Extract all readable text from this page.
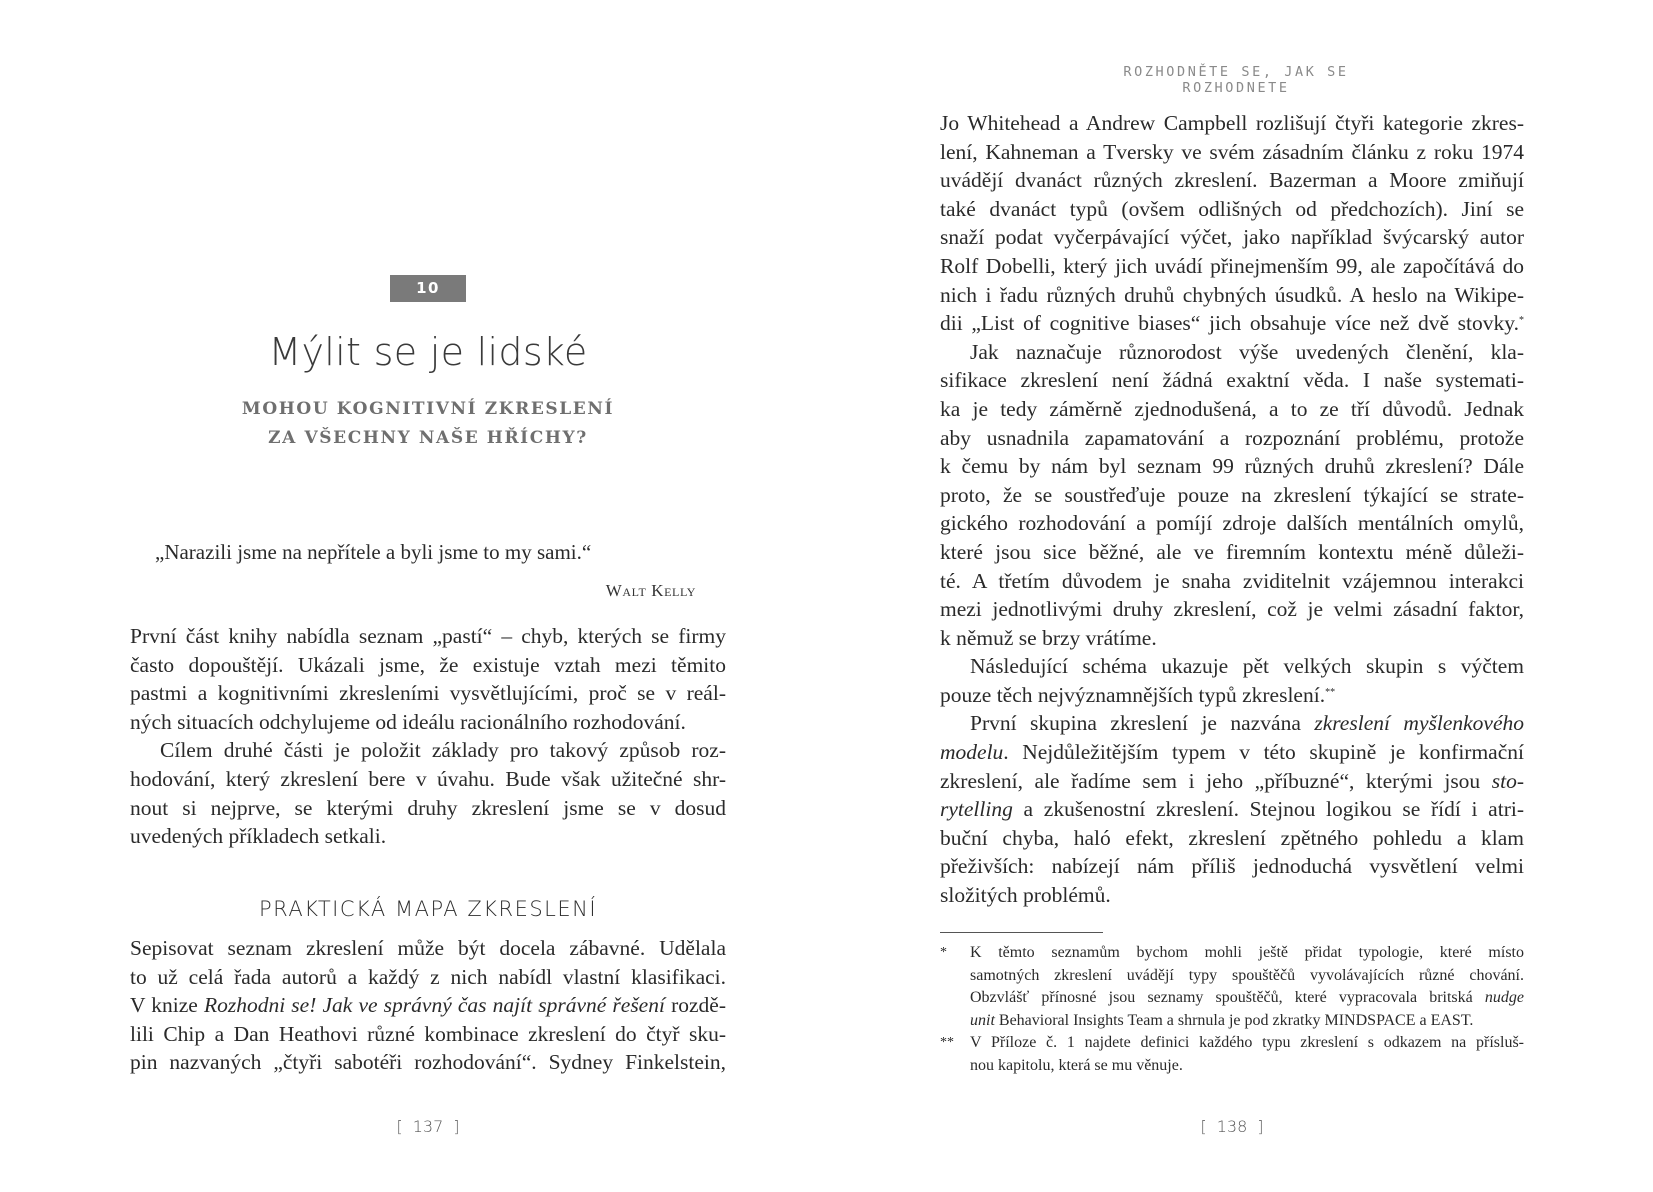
10
Mýlit se je lidské
MOHOU KOGNITIVNÍ ZKRESLENÍ
ZA VŠECHNY NAŠE HŘÍCHY?
„Narazili jsme na nepřítele a byli jsme to my sami.“
Walt Kelly

První část knihy nabídla seznam „pastí“ – chyb, kterých se firmy
často dopouštějí. Ukázali jsme, že existuje vztah mezi těmito
pastmi a kognitivními zkresleními vysvětlujícími, proč se v reál-
ných situacích odchylujeme od ideálu racionálního rozhodování.

Cílem druhé části je položit základy pro takový způsob roz-
hodování, který zkreslení bere v úvahu. Bude však užitečné shr-
nout si nejprve, se kterými druhy zkreslení jsme se v dosud
uvedených příkladech setkali.

PRAKTICKÁ MAPA ZKRESLENÍ

Sepisovat seznam zkreslení může být docela zábavné. Udělala
to už celá řada autorů a každý z nich nabídl vlastní klasifikaci.
V knize Rozhodni se! Jak ve správný čas najít správné řešení rozdě-
lili Chip a Dan Heathovi různé kombinace zkreslení do čtyř sku-
pin nazvaných „čtyři sabotéři rozhodování“. Sydney Finkelstein,

[ 137 ]
ROZHODNĚTE SE, JAK SE ROZHODNETE

Jo Whitehead a Andrew Campbell rozlišují čtyři kategorie zkres-
lení, Kahneman a Tversky ve svém zásadním článku z roku 1974
uvádějí dvanáct různých zkreslení. Bazerman a Moore zmiňují
také dvanáct typů (ovšem odlišných od předchozích). Jiní se
snaží podat vyčerpávající výčet, jako například švýcarský autor
Rolf Dobelli, který jich uvádí přinejmenším 99, ale započítává do
nich i řadu různých druhů chybných úsudků. A heslo na Wikipe-
dii „List of cognitive biases“ jich obsahuje více než dvě stovky.*

Jak naznačuje různorodost výše uvedených členění, kla-
sifikace zkreslení není žádná exaktní věda. I naše systemati-
ka je tedy záměrně zjednodušená, a to ze tří důvodů. Jednak
aby usnadnila zapamatování a rozpoznání problému, protože
k čemu by nám byl seznam 99 různých druhů zkreslení? Dále
proto, že se soustřeďuje pouze na zkreslení týkající se strate-
gického rozhodování a pomíjí zdroje dalších mentálních omylů,
které jsou sice běžné, ale ve firemním kontextu méně důleži-
té. A třetím důvodem je snaha zviditelnit vzájemnou interakci
mezi jednotlivými druhy zkreslení, což je velmi zásadní faktor,
k němuž se brzy vrátíme.

Následující schéma ukazuje pět velkých skupin s výčtem
pouze těch nejvýznamnějších typů zkreslení.**

První skupina zkreslení je nazvána zkreslení myšlenkového
modelu. Nejdůležitějším typem v této skupině je konfirmační
zkreslení, ale řadíme sem i jeho „příbuzné“, kterými jsou sto-
rytelling a zkušenostní zkreslení. Stejnou logikou se řídí i atri-
buční chyba, haló efekt, zkreslení zpětného pohledu a klam
přeživších: nabízejí nám příliš jednoduchá vysvětlení velmi
složitých problémů.

* K těmto seznamům bychom mohli ještě přidat typologie, které místo
samotných zkreslení uvádějí typy spouštěčů vyvolávajících různé chování.
Obzvlášť přínosné jsou seznamy spouštěčů, které vypracovala britská nudge
unit Behavioral Insights Team a shrnula je pod zkratky MINDSPACE a EAST.
** V Příloze č. 1 najdete definici každého typu zkreslení s odkazem na přísluš-
nou kapitolu, která se mu věnuje.
[ 138 ]
